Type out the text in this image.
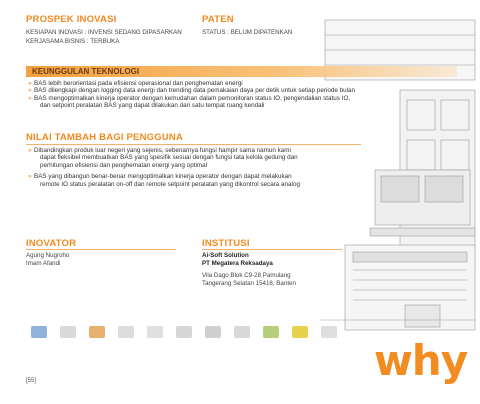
PROSPEK INOVASI
KESIAPAN INOVASI : INVENSI SEDANG DIPASARKAN
KERJASAMA BISNIS : TERBUKA
PATEN
STATUS : BELUM DIPATENKAN
KEUNGGULAN TEKNOLOGI
» BAS lebih berorientasi pada efisiensi operasional dan penghematan energi
» BAS dilengkapi dengan logging data energi dan trending data pemakaian daya per detik untuk setiap periode bulan
» BAS mengoptimalkan kinerja operator dengan kemudahan dalam pemonitoran status IO, pengendalian status IO,
dan setpoint peralatan BAS yang dapat dilakukan dari satu tempat ruang kendali
NILAI TAMBAH BAGI PENGGUNA
» Dibandingkan produk luar negeri yang sejenis, sebenarnya fungsi hampir sama namun kami
dapat fleksibel membuatkan BAS yang spesifik sesuai dengan fungsi tata kelola gedung dan
perhitungan efisiensi dan penghematan energi yang optimal
» BAS yang dibangun benar-benar mengoptimalkan kinerja operator dengan dapat melakukan
remote IO status peralatan on-off dan remote setpoint peralatan yang dikontrol secara analog
INOVATOR
Agung Nugroho
Imam Afandi
INSTITUSI
Ai-Soft Solution
PT Megatera Reksadaya
Vila Dago Blok C9-28 Pamulang
Tangerang Selatan 15416, Banten
why
[55]
